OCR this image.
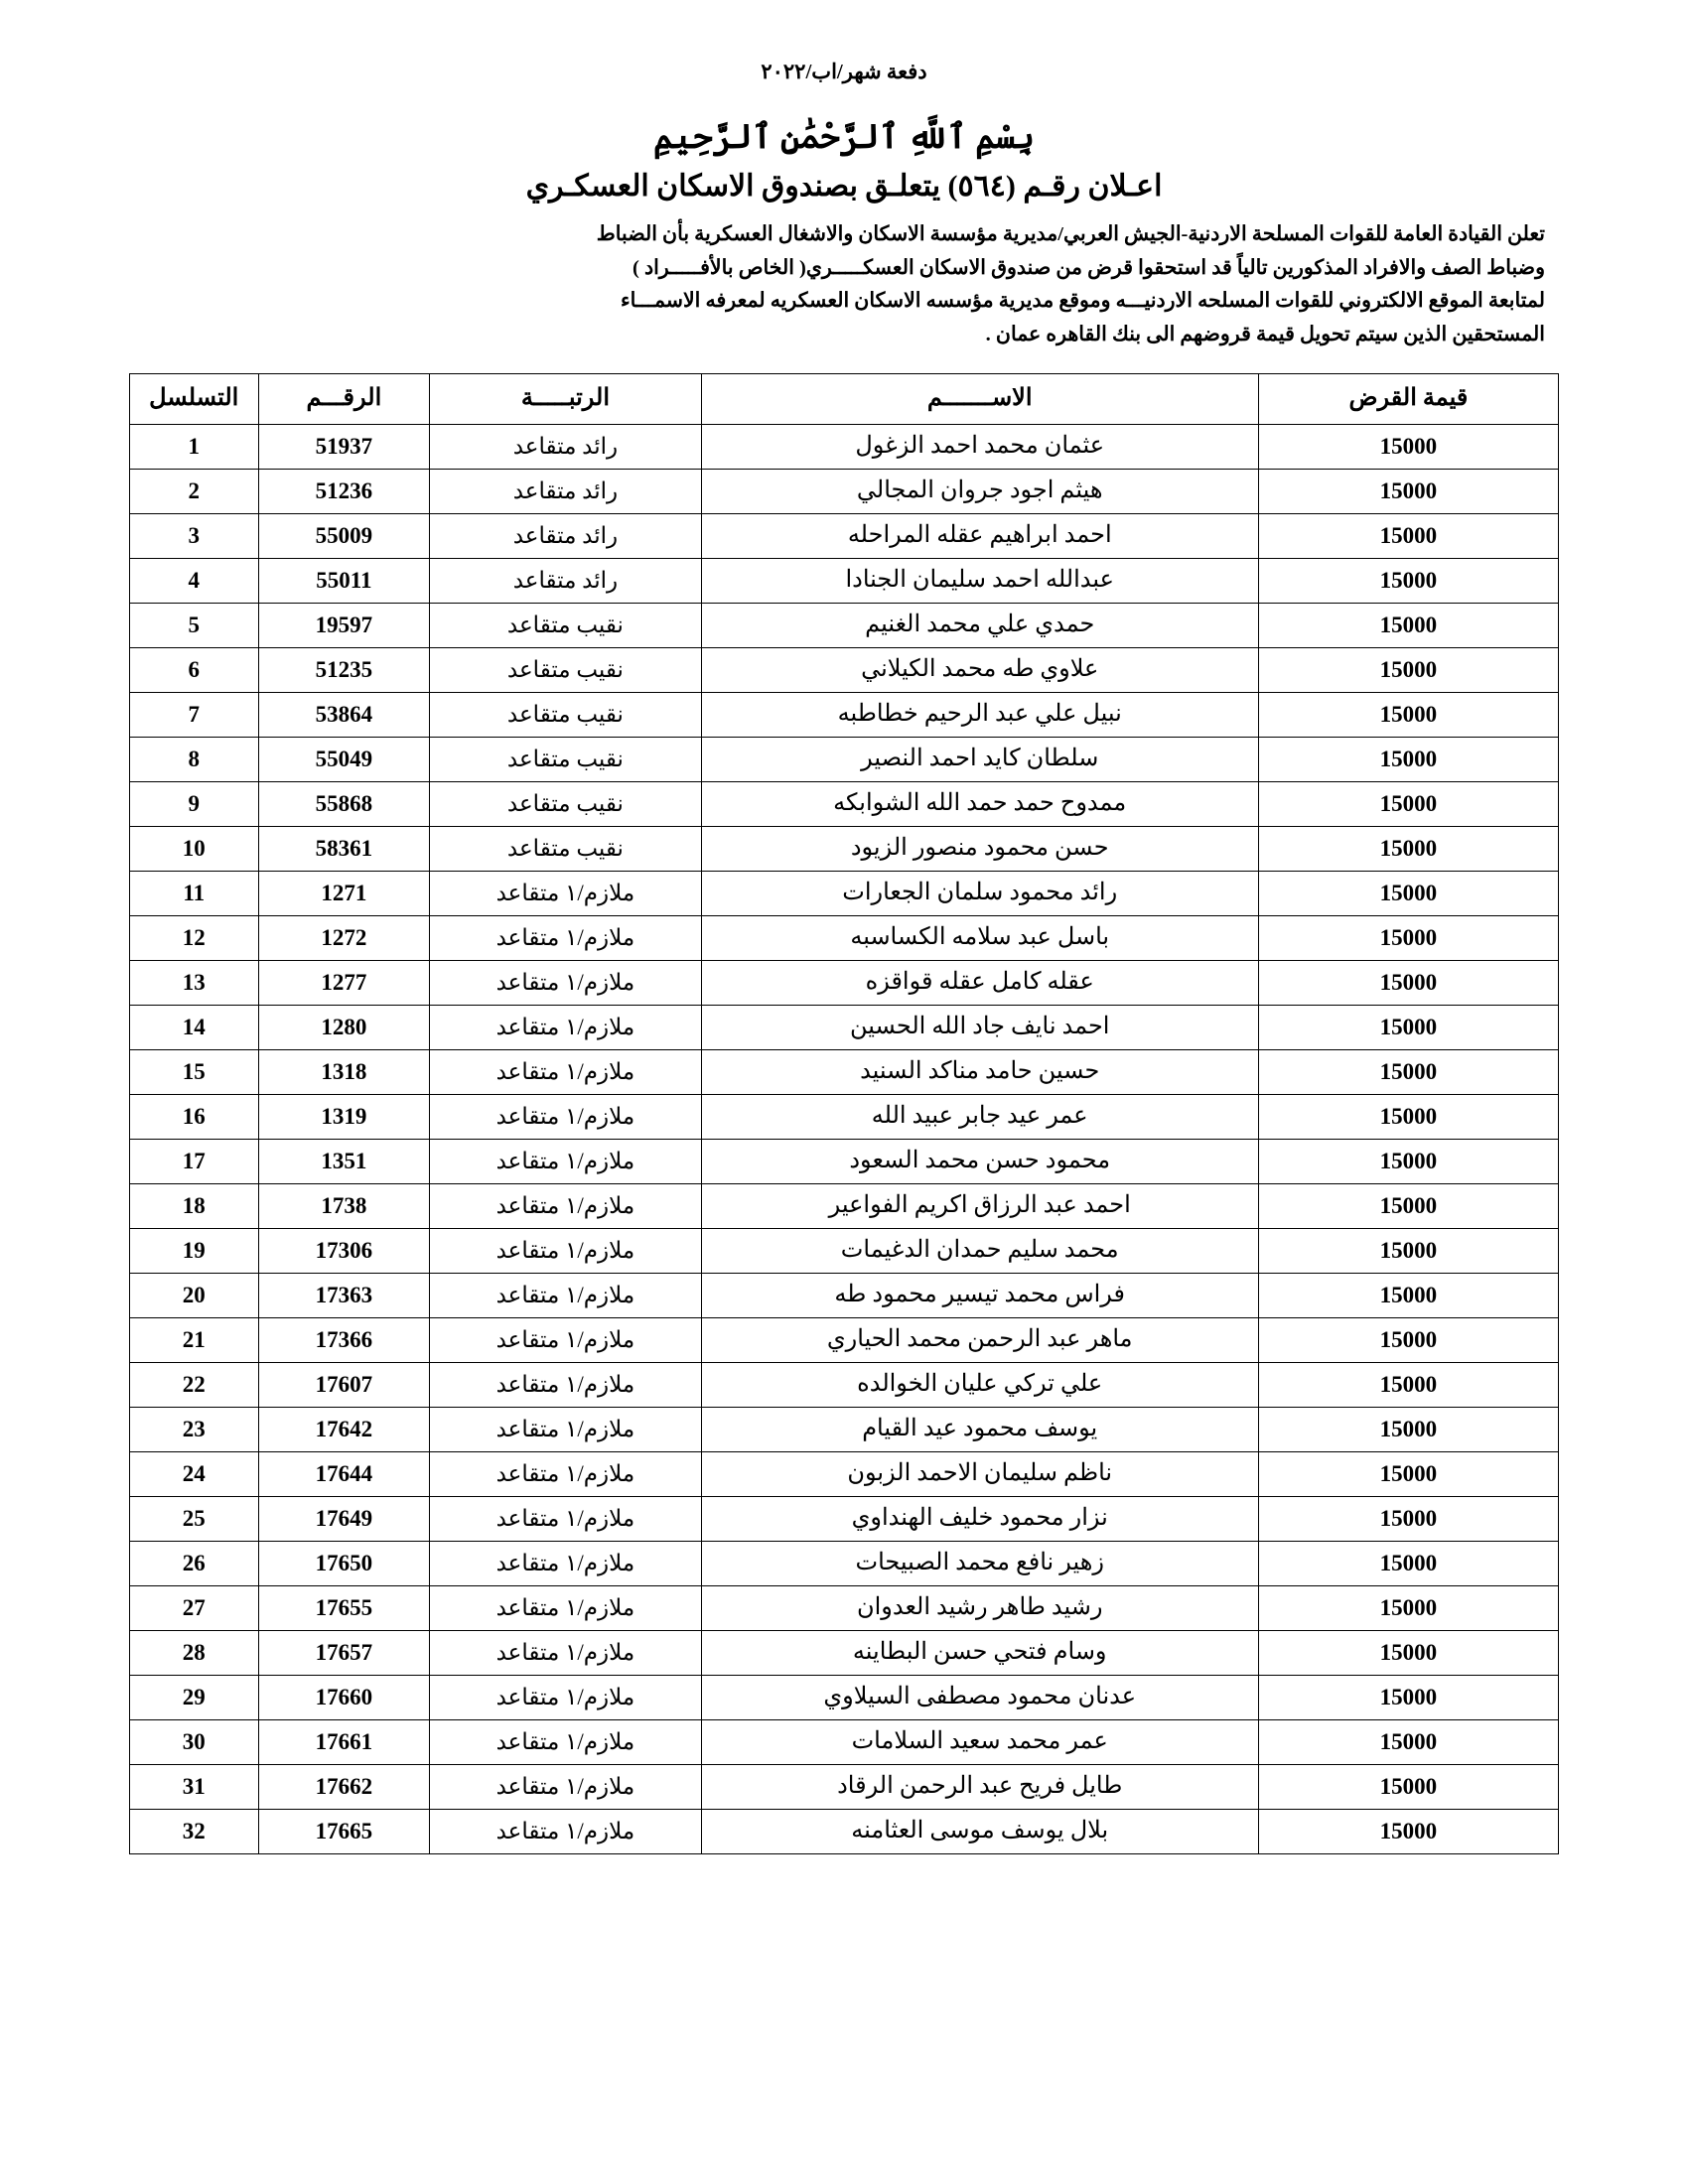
دفعة شهر/اب/٢٠٢٢
بِسْمِ ٱللَّهِ ٱلرَّحْمَٰنِ ٱلرَّحِيمِ
اعـلان رقـم (٥٦٤) يتعلـق بصندوق الاسكان العسكـري

تعلن القيادة العامة للقوات المسلحة الاردنية-الجيش العربي/مديرية مؤسسة الاسكان والاشغال العسكرية بأن الضباط

وضباط الصف والافراد المذكورين تالياً قد استحقوا قرض من صندوق الاسكان العسكـــــري( الخاص بالأفـــــراد )

لمتابعة الموقع الالكتروني للقوات المسلحه الاردنيـــه وموقع مديرية مؤسسه الاسكان العسكريه لمعرفه الاسمـــاء

المستحقين الذين سيتم تحويل قيمة قروضهم الى بنك القاهره عمان .

قيمة القرض	الاســـــــم	الرتبـــــة	الرقـــم	التسلسل
15000	عثمان محمد احمد الزغول	رائد متقاعد	51937	1
15000	هيثم اجود جروان المجالي	رائد متقاعد	51236	2
15000	احمد ابراهيم عقله المراحله	رائد متقاعد	55009	3
15000	عبدالله احمد سليمان الجنادا	رائد متقاعد	55011	4
15000	حمدي علي محمد الغنيم	نقيب متقاعد	19597	5
15000	علاوي طه محمد الكيلاني	نقيب متقاعد	51235	6
15000	نبيل علي عبد الرحيم خطاطبه	نقيب متقاعد	53864	7
15000	سلطان كايد احمد النصير	نقيب متقاعد	55049	8
15000	ممدوح حمد حمد الله الشوابكه	نقيب متقاعد	55868	9
15000	حسن محمود منصور الزيود	نقيب متقاعد	58361	10
15000	رائد محمود سلمان الجعارات	ملازم/١ متقاعد	1271	11
15000	باسل عبد سلامه الكساسبه	ملازم/١ متقاعد	1272	12
15000	عقله كامل عقله قواقزه	ملازم/١ متقاعد	1277	13
15000	احمد نايف جاد الله الحسين	ملازم/١ متقاعد	1280	14
15000	حسين حامد مناكد السنيد	ملازم/١ متقاعد	1318	15
15000	عمر عيد جابر عبيد الله	ملازم/١ متقاعد	1319	16
15000	محمود حسن محمد السعود	ملازم/١ متقاعد	1351	17
15000	احمد عبد الرزاق اكريم الفواعير	ملازم/١ متقاعد	1738	18
15000	محمد سليم حمدان الدغيمات	ملازم/١ متقاعد	17306	19
15000	فراس محمد تيسير محمود طه	ملازم/١ متقاعد	17363	20
15000	ماهر عبد الرحمن محمد الحياري	ملازم/١ متقاعد	17366	21
15000	علي تركي عليان الخوالده	ملازم/١ متقاعد	17607	22
15000	يوسف محمود عيد القيام	ملازم/١ متقاعد	17642	23
15000	ناظم سليمان الاحمد الزبون	ملازم/١ متقاعد	17644	24
15000	نزار محمود خليف الهنداوي	ملازم/١ متقاعد	17649	25
15000	زهير نافع محمد الصبيحات	ملازم/١ متقاعد	17650	26
15000	رشيد طاهر رشيد العدوان	ملازم/١ متقاعد	17655	27
15000	وسام فتحي حسن البطاينه	ملازم/١ متقاعد	17657	28
15000	عدنان محمود مصطفى السيلاوي	ملازم/١ متقاعد	17660	29
15000	عمر محمد سعيد السلامات	ملازم/١ متقاعد	17661	30
15000	طايل فريح عبد الرحمن الرقاد	ملازم/١ متقاعد	17662	31
15000	بلال يوسف موسى العثامنه	ملازم/١ متقاعد	17665	32
